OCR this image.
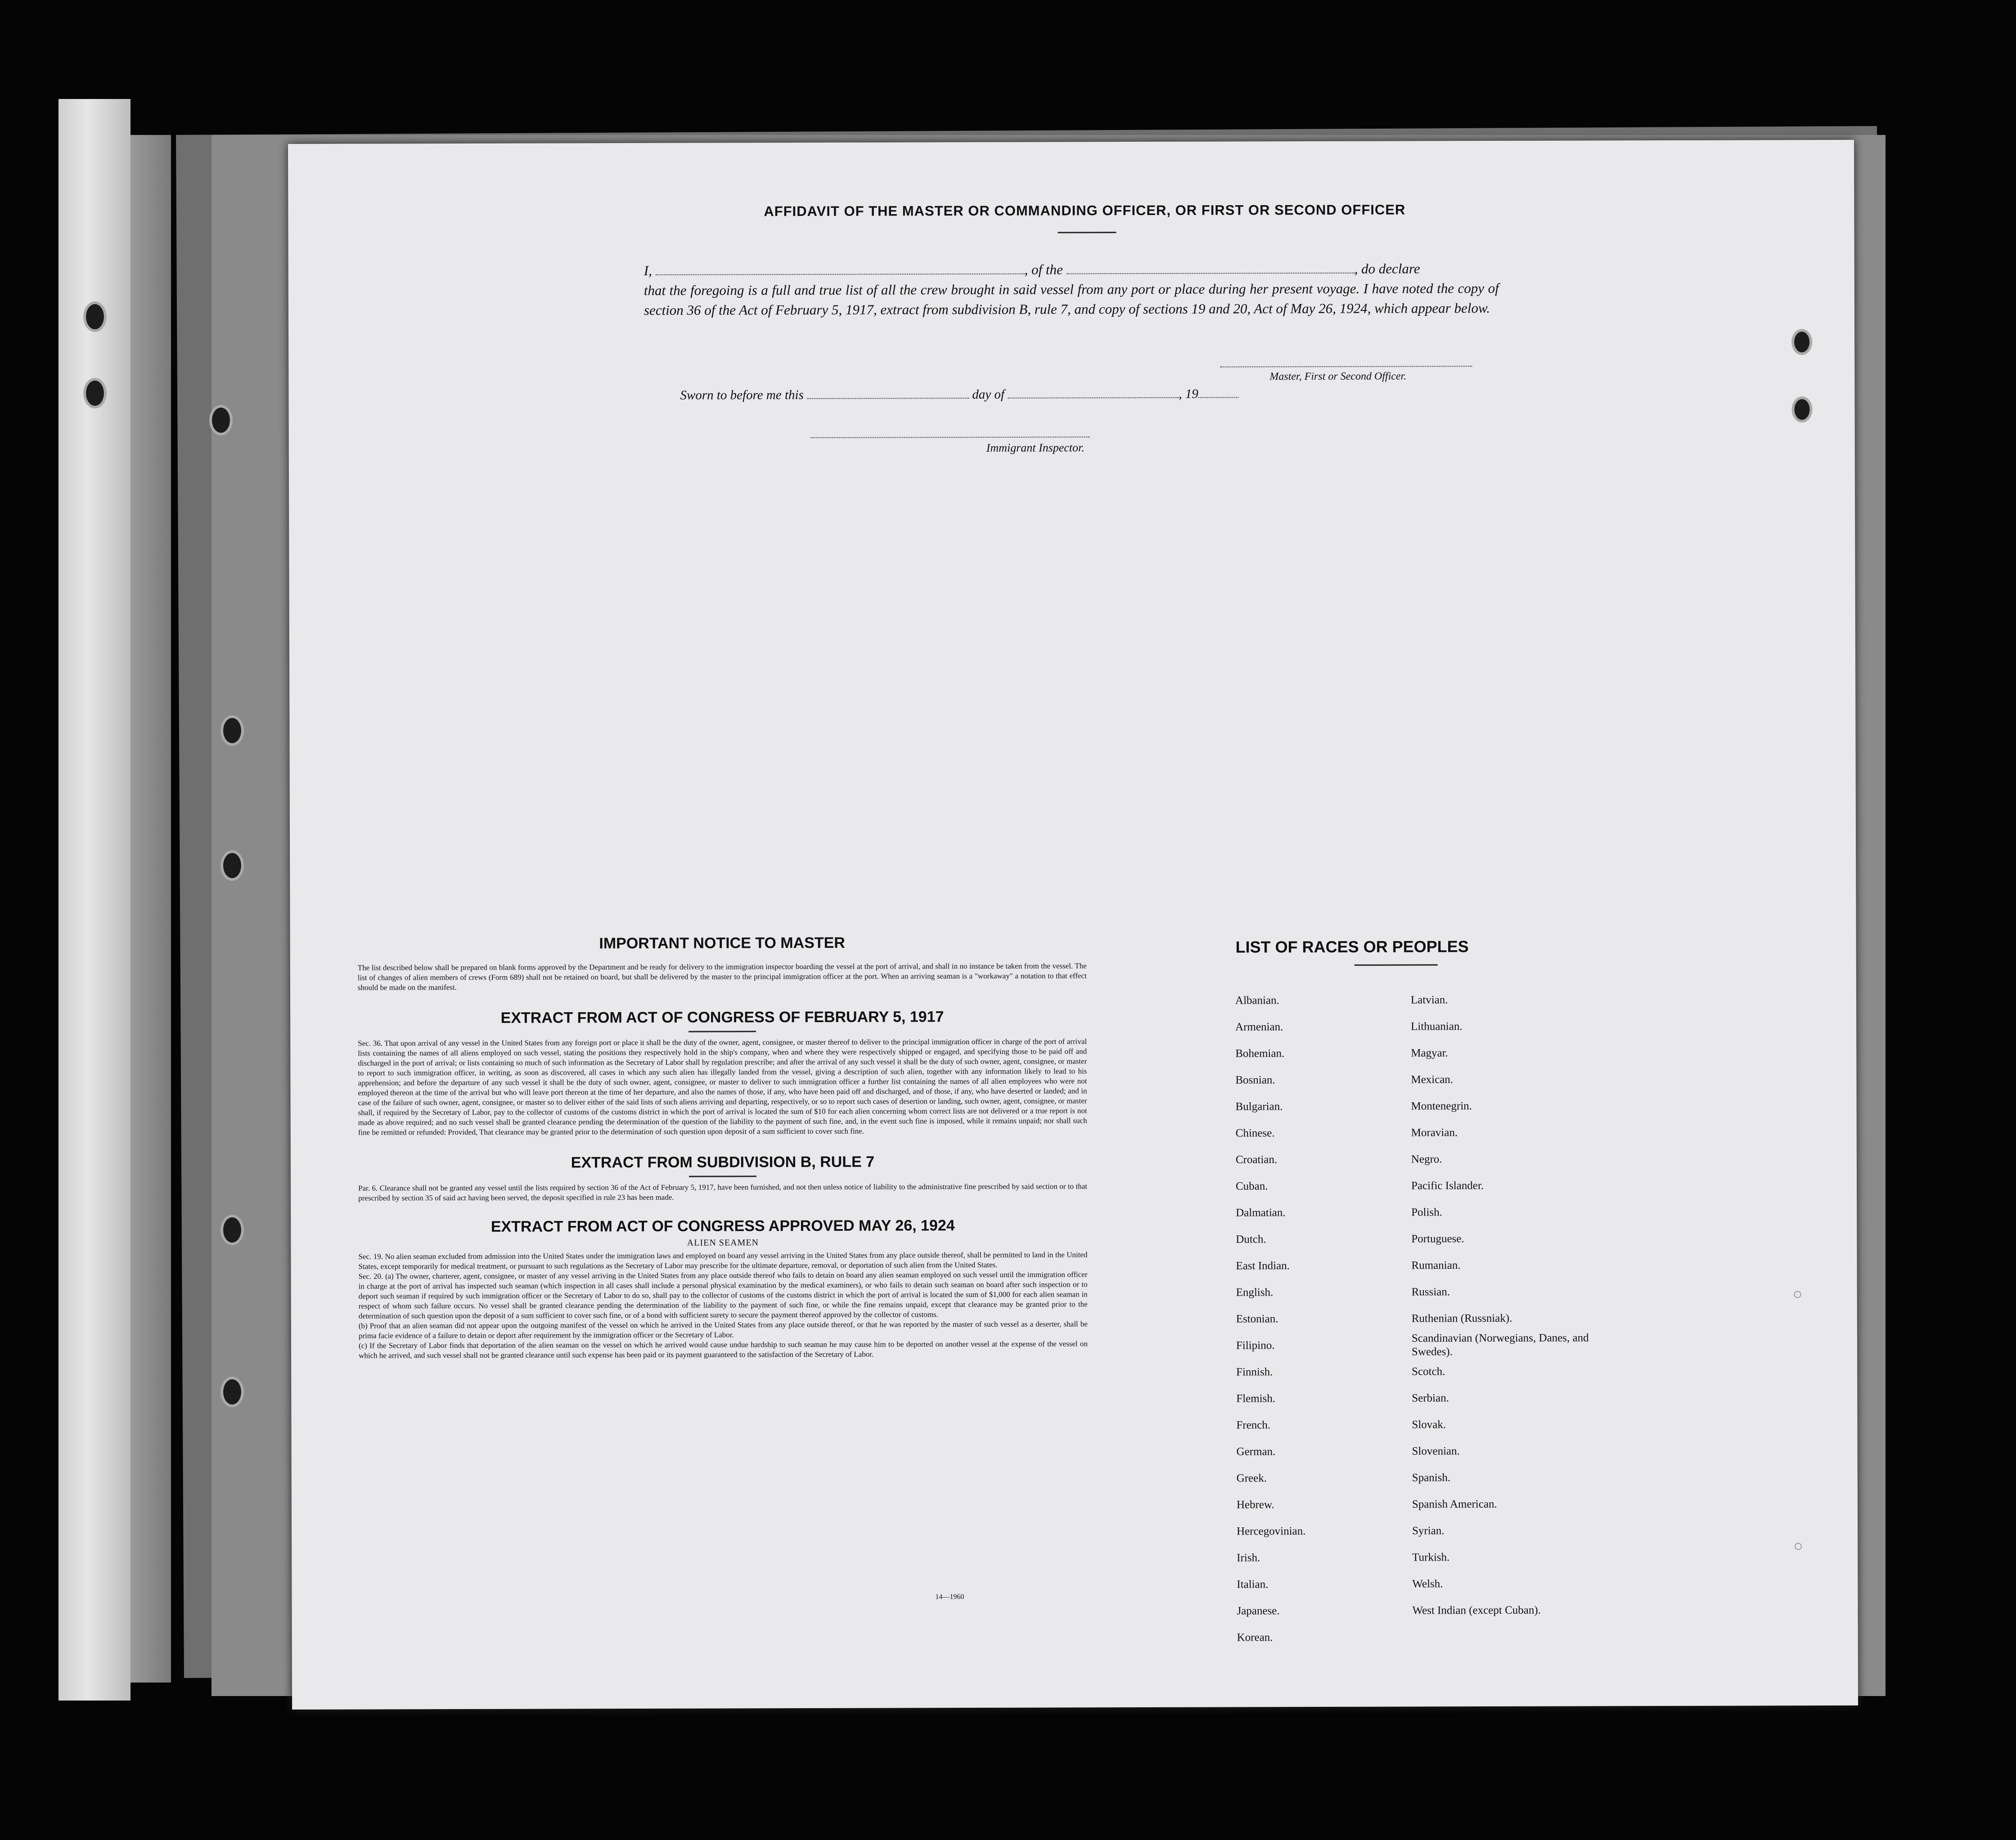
​
​
​
AFFIDAVIT OF THE MASTER OR COMMANDING OFFICER, OR FIRST OR SECOND OFFICER
I,	, of the	, do declare
that the foregoing is a full and true list of all the crew brought in said vessel from any port or place during her present voyage. I have noted the copy of section 36 of the Act of February 5, 1917, extract from subdivision B, rule 7, and copy of sections 19 and 20, Act of May 26, 1924, which appear below.
Master, First or Second Officer.
Sworn to before me this	day of	, 19
Immigrant Inspector.

IMPORTANT NOTICE TO MASTER

The list described below shall be prepared on blank forms approved by the Department and be ready for delivery to the immigration inspector boarding the vessel at the port of arrival, and shall in no instance be taken from the vessel. The list of changes of alien members of crews (Form 689) shall not be retained on board, but shall be delivered by the master to the principal immigration officer at the port. When an arriving seaman is a "workaway" a notation to that effect should be made on the manifest.

EXTRACT FROM ACT OF CONGRESS OF FEBRUARY 5, 1917

Sec. 36. That upon arrival of any vessel in the United States from any foreign port or place it shall be the duty of the owner, agent, consignee, or master thereof to deliver to the principal immigration officer in charge of the port of arrival lists containing the names of all aliens employed on such vessel, stating the positions they respectively hold in the ship's company, when and where they were respectively shipped or engaged, and specifying those to be paid off and discharged in the port of arrival; or lists containing so much of such information as the Secretary of Labor shall by regulation prescribe; and after the arrival of any such vessel it shall be the duty of such owner, agent, consignee, or master to report to such immigration officer, in writing, as soon as discovered, all cases in which any such alien has illegally landed from the vessel, giving a description of such alien, together with any information likely to lead to his apprehension; and before the departure of any such vessel it shall be the duty of such owner, agent, consignee, or master to deliver to such immigration officer a further list containing the names of all alien employees who were not employed thereon at the time of the arrival but who will leave port thereon at the time of her departure, and also the names of those, if any, who have been paid off and discharged, and of those, if any, who have deserted or landed; and in case of the failure of such owner, agent, consignee, or master so to deliver either of the said lists of such aliens arriving and departing, respectively, or so to report such cases of desertion or landing, such owner, agent, consignee, or master shall, if required by the Secretary of Labor, pay to the collector of customs of the customs district in which the port of arrival is located the sum of $10 for each alien concerning whom correct lists are not delivered or a true report is not made as above required; and no such vessel shall be granted clearance pending the determination of the question of the liability to the payment of such fine, and, in the event such fine is imposed, while it remains unpaid; nor shall such fine be remitted or refunded: Provided, That clearance may be granted prior to the determination of such question upon deposit of a sum sufficient to cover such fine.

EXTRACT FROM SUBDIVISION B, RULE 7

Par. 6. Clearance shall not be granted any vessel until the lists required by section 36 of the Act of February 5, 1917, have been furnished, and not then unless notice of liability to the administrative fine prescribed by said section or to that prescribed by section 35 of said act having been served, the deposit specified in rule 23 has been made.

EXTRACT FROM ACT OF CONGRESS APPROVED MAY 26, 1924

ALIEN SEAMEN

Sec. 19. No alien seaman excluded from admission into the United States under the immigration laws and employed on board any vessel arriving in the United States from any place outside thereof, shall be permitted to land in the United States, except temporarily for medical treatment, or pursuant to such regulations as the Secretary of Labor may prescribe for the ultimate departure, removal, or deportation of such alien from the United States.

Sec. 20. (a) The owner, charterer, agent, consignee, or master of any vessel arriving in the United States from any place outside thereof who fails to detain on board any alien seaman employed on such vessel until the immigration officer in charge at the port of arrival has inspected such seaman (which inspection in all cases shall include a personal physical examination by the medical examiners), or who fails to detain such seaman on board after such inspection or to deport such seaman if required by such immigration officer or the Secretary of Labor to do so, shall pay to the collector of customs of the customs district in which the port of arrival is located the sum of $1,000 for each alien seaman in respect of whom such failure occurs. No vessel shall be granted clearance pending the determination of the liability to the payment of such fine, or while the fine remains unpaid, except that clearance may be granted prior to the determination of such question upon the deposit of a sum sufficient to cover such fine, or of a bond with sufficient surety to secure the payment thereof approved by the collector of customs.

(b) Proof that an alien seaman did not appear upon the outgoing manifest of the vessel on which he arrived in the United States from any place outside thereof, or that he was reported by the master of such vessel as a deserter, shall be prima facie evidence of a failure to detain or deport after requirement by the immigration officer or the Secretary of Labor.

(c) If the Secretary of Labor finds that deportation of the alien seaman on the vessel on which he arrived would cause undue hardship to such seaman he may cause him to be deported on another vessel at the expense of the vessel on which he arrived, and such vessel shall not be granted clearance until such expense has been paid or its payment guaranteed to the satisfaction of the Secretary of Labor.

14—1960
LIST OF RACES OR PEOPLES
Albanian.
Armenian.
Bohemian.
Bosnian.
Bulgarian.
Chinese.
Croatian.
Cuban.
Dalmatian.
Dutch.
East Indian.
English.
Estonian.
Filipino.
Finnish.
Flemish.
French.
German.
Greek.
Hebrew.
Hercegovinian.
Irish.
Italian.
Japanese.
Korean.
Latvian.
Lithuanian.
Magyar.
Mexican.
Montenegrin.
Moravian.
Negro.
Pacific Islander.
Polish.
Portuguese.
Rumanian.
Russian.
Ruthenian (Russniak).
Scandinavian (Norwegians, Danes, and Swedes).
Scotch.
Serbian.
Slovak.
Slovenian.
Spanish.
Spanish American.
Syrian.
Turkish.
Welsh.
West Indian (except Cuban).
○
○
